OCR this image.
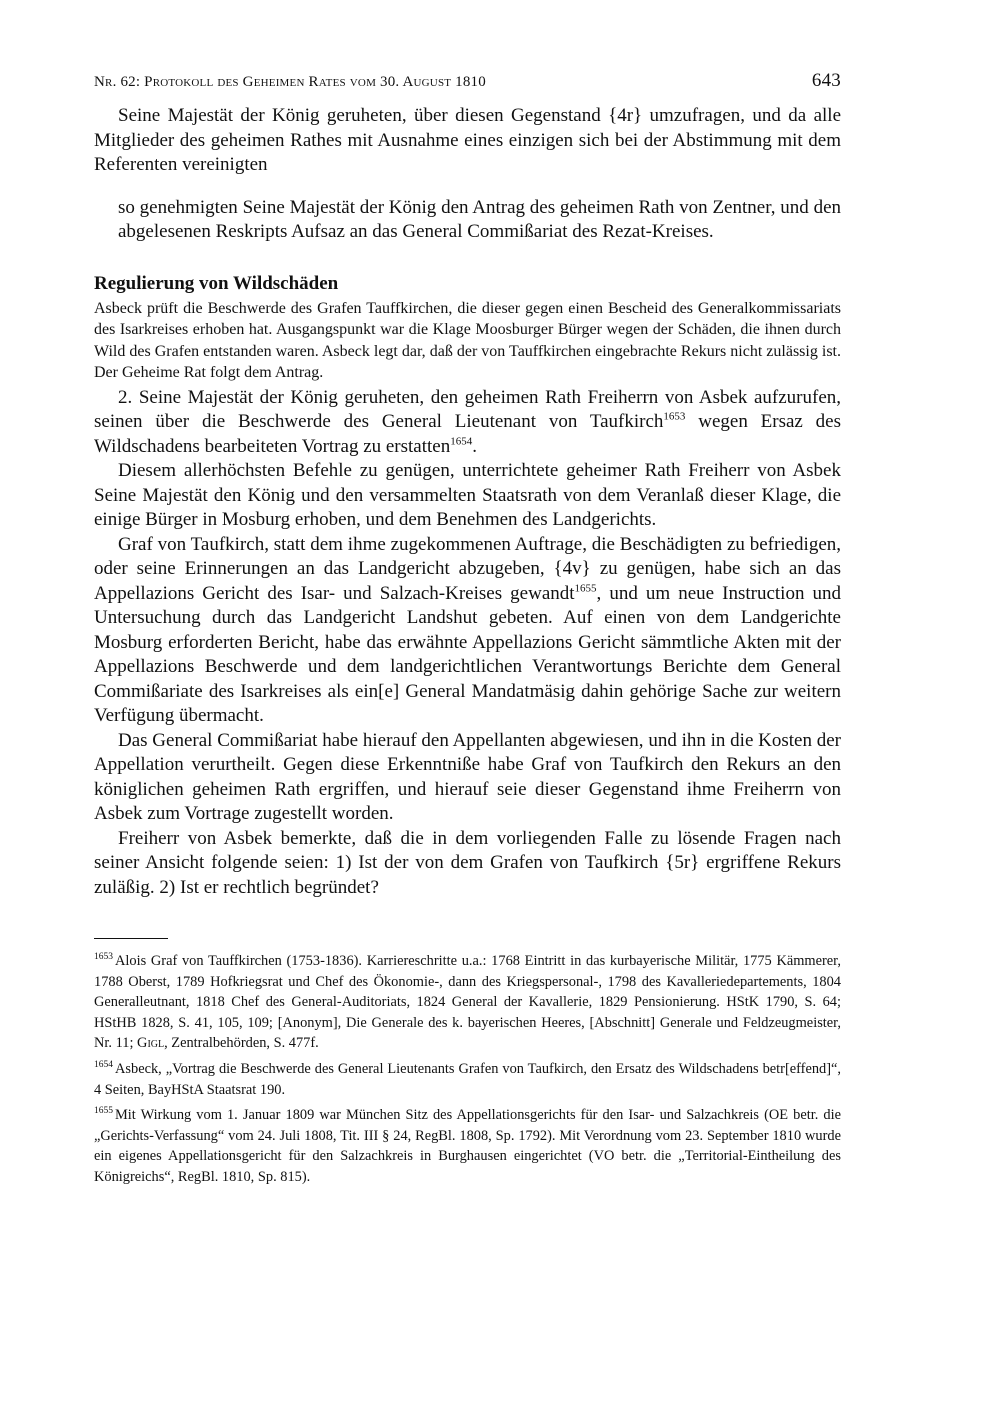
Nr. 62: Protokoll des Geheimen Rates vom 30. August 1810	643

Seine Majestät der König geruheten, über diesen Gegenstand {4r} umzufragen, und da alle Mitglieder des geheimen Rathes mit Ausnahme eines einzigen sich bei der Abstimmung mit dem Referenten vereinigten

so genehmigten Seine Majestät der König den Antrag des geheimen Rath von Zentner, und den abgelesenen Reskripts Aufsaz an das General Commißariat des Rezat-Kreises.

Regulierung von Wildschäden

Asbeck prüft die Beschwerde des Grafen Tauffkirchen, die dieser gegen einen Bescheid des Generalkommissariats des Isarkreises erhoben hat. Ausgangspunkt war die Klage Moosburger Bürger wegen der Schäden, die ihnen durch Wild des Grafen entstanden waren. Asbeck legt dar, daß der von Tauffkirchen eingebrachte Rekurs nicht zulässig ist. Der Geheime Rat folgt dem Antrag.

2. Seine Majestät der König geruheten, den geheimen Rath Freiherrn von Asbek aufzurufen, seinen über die Beschwerde des General Lieutenant von Taufkirch$^{1653}$ wegen Ersaz des Wildschadens bearbeiteten Vortrag zu erstatten$^{1654}$.

Diesem allerhöchsten Befehle zu genügen, unterrichtete geheimer Rath Freiherr von Asbek Seine Majestät den König und den versammelten Staatsrath von dem Veranlaß dieser Klage, die einige Bürger in Mosburg erhoben, und dem Benehmen des Landgerichts.

Graf von Taufkirch, statt dem ihme zugekommenen Auftrage, die Beschädigten zu befriedigen, oder seine Erinnerungen an das Landgericht abzugeben, {4v} zu genügen, habe sich an das Appellazions Gericht des Isar- und Salzach-Kreises gewandt$^{1655}$, und um neue Instruction und Untersuchung durch das Landgericht Landshut gebeten. Auf einen von dem Landgerichte Mosburg erforderten Bericht, habe das erwähnte Appellazions Gericht sämmtliche Akten mit der Appellazions Beschwerde und dem landgerichtlichen Verantwortungs Berichte dem General Commißariate des Isarkreises als ein[e] General Mandatmäsig dahin gehörige Sache zur weitern Verfügung übermacht.

Das General Commißariat habe hierauf den Appellanten abgewiesen, und ihn in die Kosten der Appellation verurtheilt. Gegen diese Erkenntniße habe Graf von Taufkirch den Rekurs an den königlichen geheimen Rath ergriffen, und hierauf seie dieser Gegenstand ihme Freiherrn von Asbek zum Vortrage zugestellt worden.

Freiherr von Asbek bemerkte, daß die in dem vorliegenden Falle zu lösende Fragen nach seiner Ansicht folgende seien: 1) Ist der von dem Grafen von Taufkirch {5r} ergriffene Rekurs zuläßig. 2) Ist er rechtlich begründet?

$^{1653}$ Alois Graf von Tauffkirchen (1753-1836). Karriereschritte u.a.: 1768 Eintritt in das kurbayerische Militär, 1775 Kämmerer, 1788 Oberst, 1789 Hofkriegsrat und Chef des Ökonomie-, dann des Kriegspersonal-, 1798 des Kavalleriedepartements, 1804 Generalleutnant, 1818 Chef des General-Auditoriats, 1824 General der Kavallerie, 1829 Pensionierung. HStK 1790, S. 64; HStHB 1828, S. 41, 105, 109; [Anonym], Die Generale des k. bayerischen Heeres, [Abschnitt] Generale und Feldzeugmeister, Nr. 11; Gigl, Zentralbehörden, S. 477f.

$^{1654}$ Asbeck, „Vortrag die Beschwerde des General Lieutenants Grafen von Taufkirch, den Ersatz des Wildschadens betr[effend]“, 4 Seiten, BayHStA Staatsrat 190.

$^{1655}$ Mit Wirkung vom 1. Januar 1809 war München Sitz des Appellationsgerichts für den Isar- und Salzachkreis (OE betr. die „Gerichts-Verfassung“ vom 24. Juli 1808, Tit. III § 24, RegBl. 1808, Sp. 1792). Mit Verordnung vom 23. September 1810 wurde ein eigenes Appellationsgericht für den Salzachkreis in Burghausen eingerichtet (VO betr. die „Territorial-Eintheilung des Königreichs“, RegBl. 1810, Sp. 815).
